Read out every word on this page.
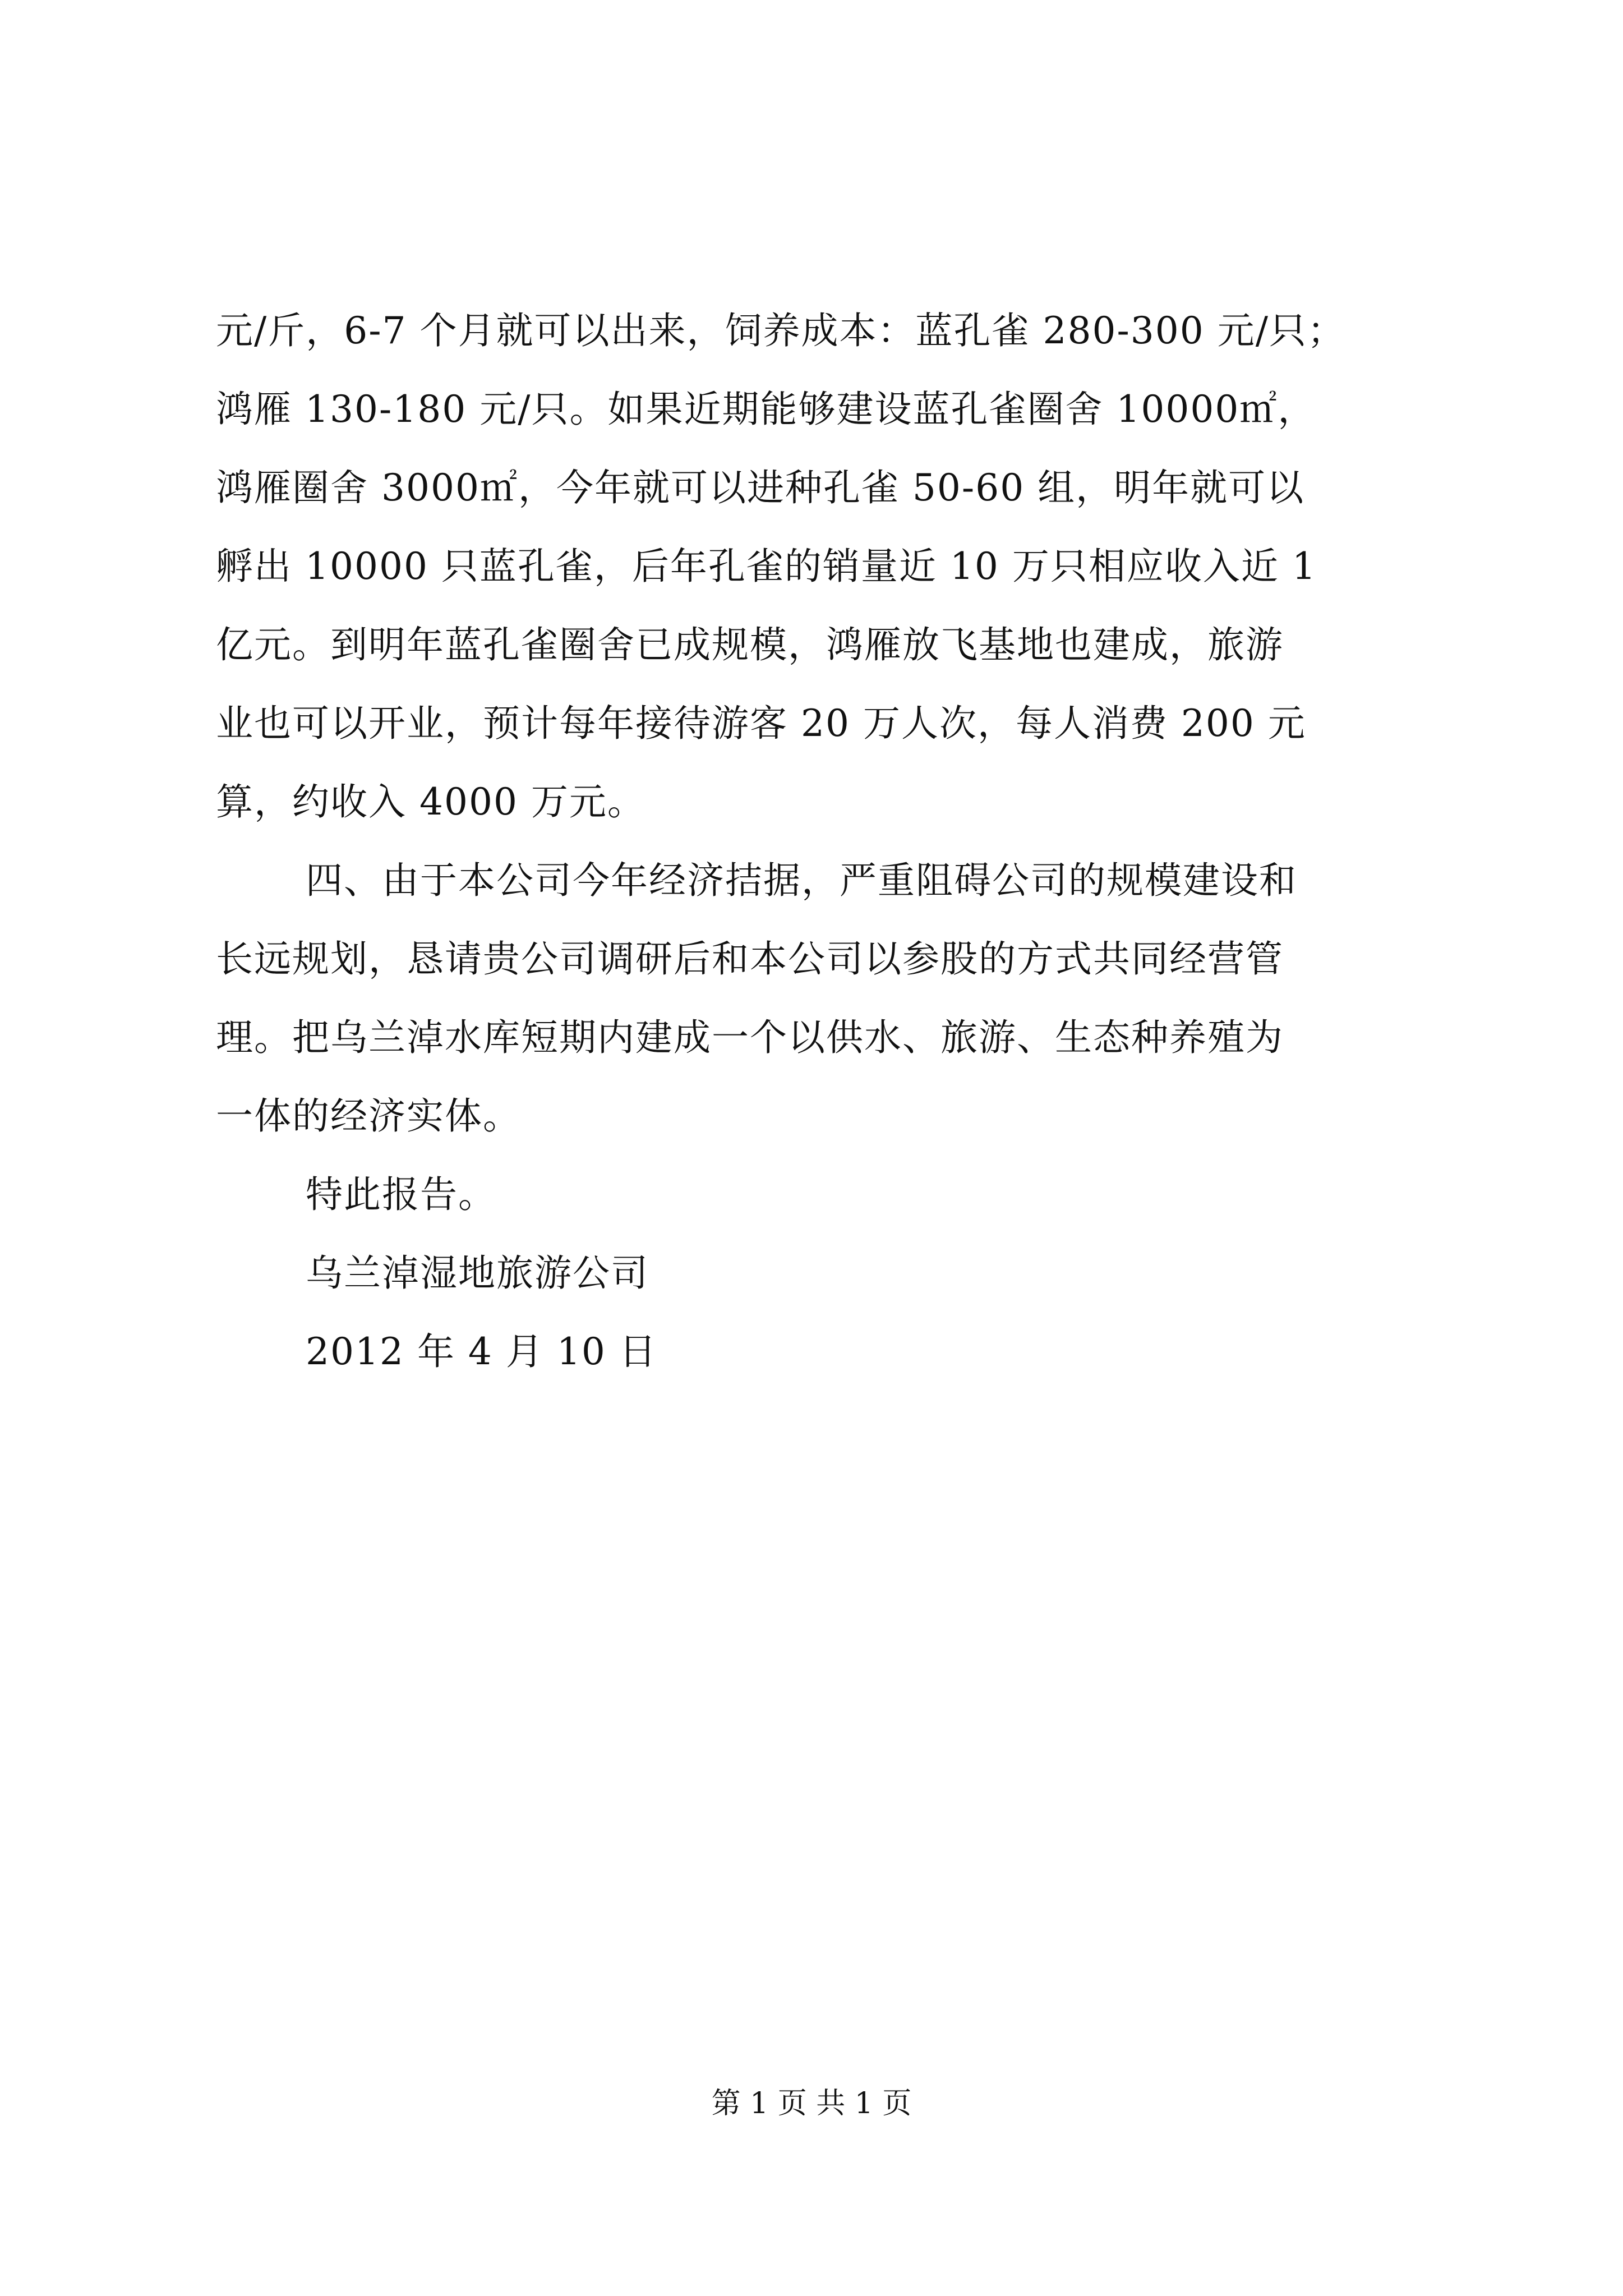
元/斤，6-7 个月就可以出来，饲养成本：蓝孔雀 280-300 元/只；
鸿雁 130-180 元/只。如果近期能够建设蓝孔雀圈舍 10000㎡，
鸿雁圈舍 3000㎡，今年就可以进种孔雀 50-60 组，明年就可以
孵出 10000 只蓝孔雀，后年孔雀的销量近 10 万只相应收入近 1
亿元。到明年蓝孔雀圈舍已成规模，鸿雁放飞基地也建成，旅游
业也可以开业，预计每年接待游客 20 万人次，每人消费 200 元
算，约收入 4000 万元。
四、由于本公司今年经济拮据，严重阻碍公司的规模建设和
长远规划，恳请贵公司调研后和本公司以参股的方式共同经营管
理。把乌兰淖水库短期内建成一个以供水、旅游、生态种养殖为
一体的经济实体。
特此报告。
乌兰淖湿地旅游公司
2012 年 4 月 10 日
第 1 页 共 1 页
